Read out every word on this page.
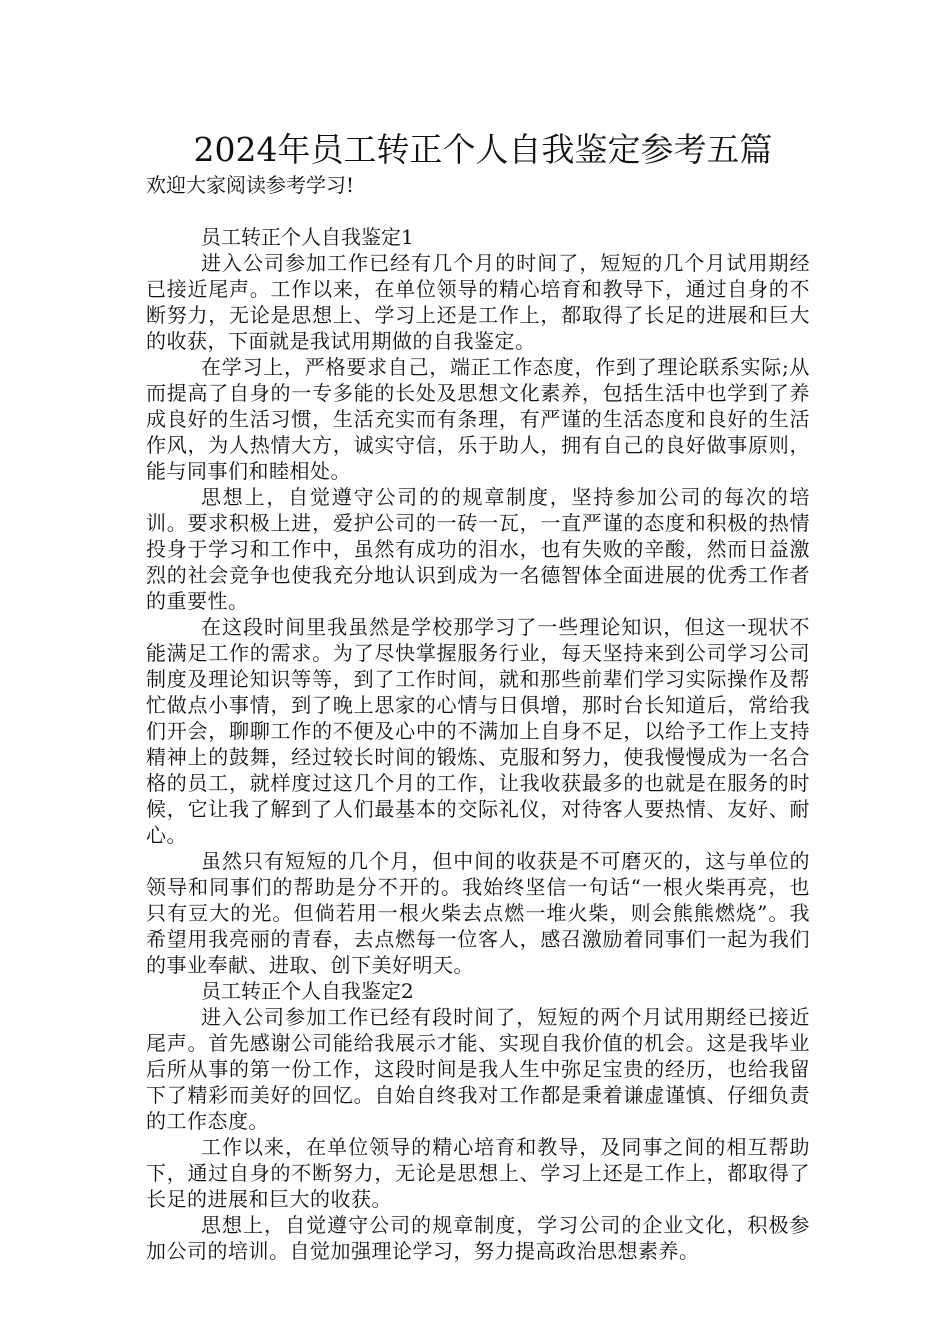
2024年员工转正个人自我鉴定参考五篇

欢迎大家阅读参考学习!

员工转正个人自我鉴定1

进入公司参加工作已经有几个月的时间了，短短的几个月试用期经已接近尾声。工作以来，在单位领导的精心培育和教导下，通过自身的不断努力，无论是思想上、学习上还是工作上，都取得了长足的进展和巨大的收获，下面就是我试用期做的自我鉴定。

在学习上，严格要求自己，端正工作态度，作到了理论联系实际;从而提高了自身的一专多能的长处及思想文化素养，包括生活中也学到了养成良好的生活习惯，生活充实而有条理，有严谨的生活态度和良好的生活作风，为人热情大方，诚实守信，乐于助人，拥有自己的良好做事原则，能与同事们和睦相处。

思想上，自觉遵守公司的的规章制度，坚持参加公司的每次的培训。要求积极上进，爱护公司的一砖一瓦，一直严谨的态度和积极的热情投身于学习和工作中，虽然有成功的泪水，也有失败的辛酸，然而日益激烈的社会竞争也使我充分地认识到成为一名德智体全面进展的优秀工作者的重要性。

在这段时间里我虽然是学校那学习了一些理论知识，但这一现状不能满足工作的需求。为了尽快掌握服务行业，每天坚持来到公司学习公司制度及理论知识等等，到了工作时间，就和那些前辈们学习实际操作及帮忙做点小事情，到了晚上思家的心情与日俱增，那时台长知道后，常给我们开会，聊聊工作的不便及心中的不满加上自身不足，以给予工作上支持精神上的鼓舞，经过较长时间的锻炼、克服和努力，使我慢慢成为一名合格的员工，就样度过这几个月的工作，让我收获最多的也就是在服务的时候，它让我了解到了人们最基本的交际礼仪，对待客人要热情、友好、耐心。

虽然只有短短的几个月，但中间的收获是不可磨灭的，这与单位的领导和同事们的帮助是分不开的。我始终坚信一句话“一根火柴再亮，也只有豆大的光。但倘若用一根火柴去点燃一堆火柴，则会熊熊燃烧”。我希望用我亮丽的青春，去点燃每一位客人，感召激励着同事们一起为我们的事业奉献、进取、创下美好明天。

员工转正个人自我鉴定2

进入公司参加工作已经有段时间了，短短的两个月试用期经已接近尾声。首先感谢公司能给我展示才能、实现自我价值的机会。这是我毕业后所从事的第一份工作，这段时间是我人生中弥足宝贵的经历，也给我留下了精彩而美好的回忆。自始自终我对工作都是秉着谦虚谨慎、仔细负责的工作态度。

工作以来，在单位领导的精心培育和教导，及同事之间的相互帮助下，通过自身的不断努力，无论是思想上、学习上还是工作上，都取得了长足的进展和巨大的收获。

思想上，自觉遵守公司的规章制度，学习公司的企业文化，积极参加公司的培训。自觉加强理论学习，努力提高政治思想素养。
